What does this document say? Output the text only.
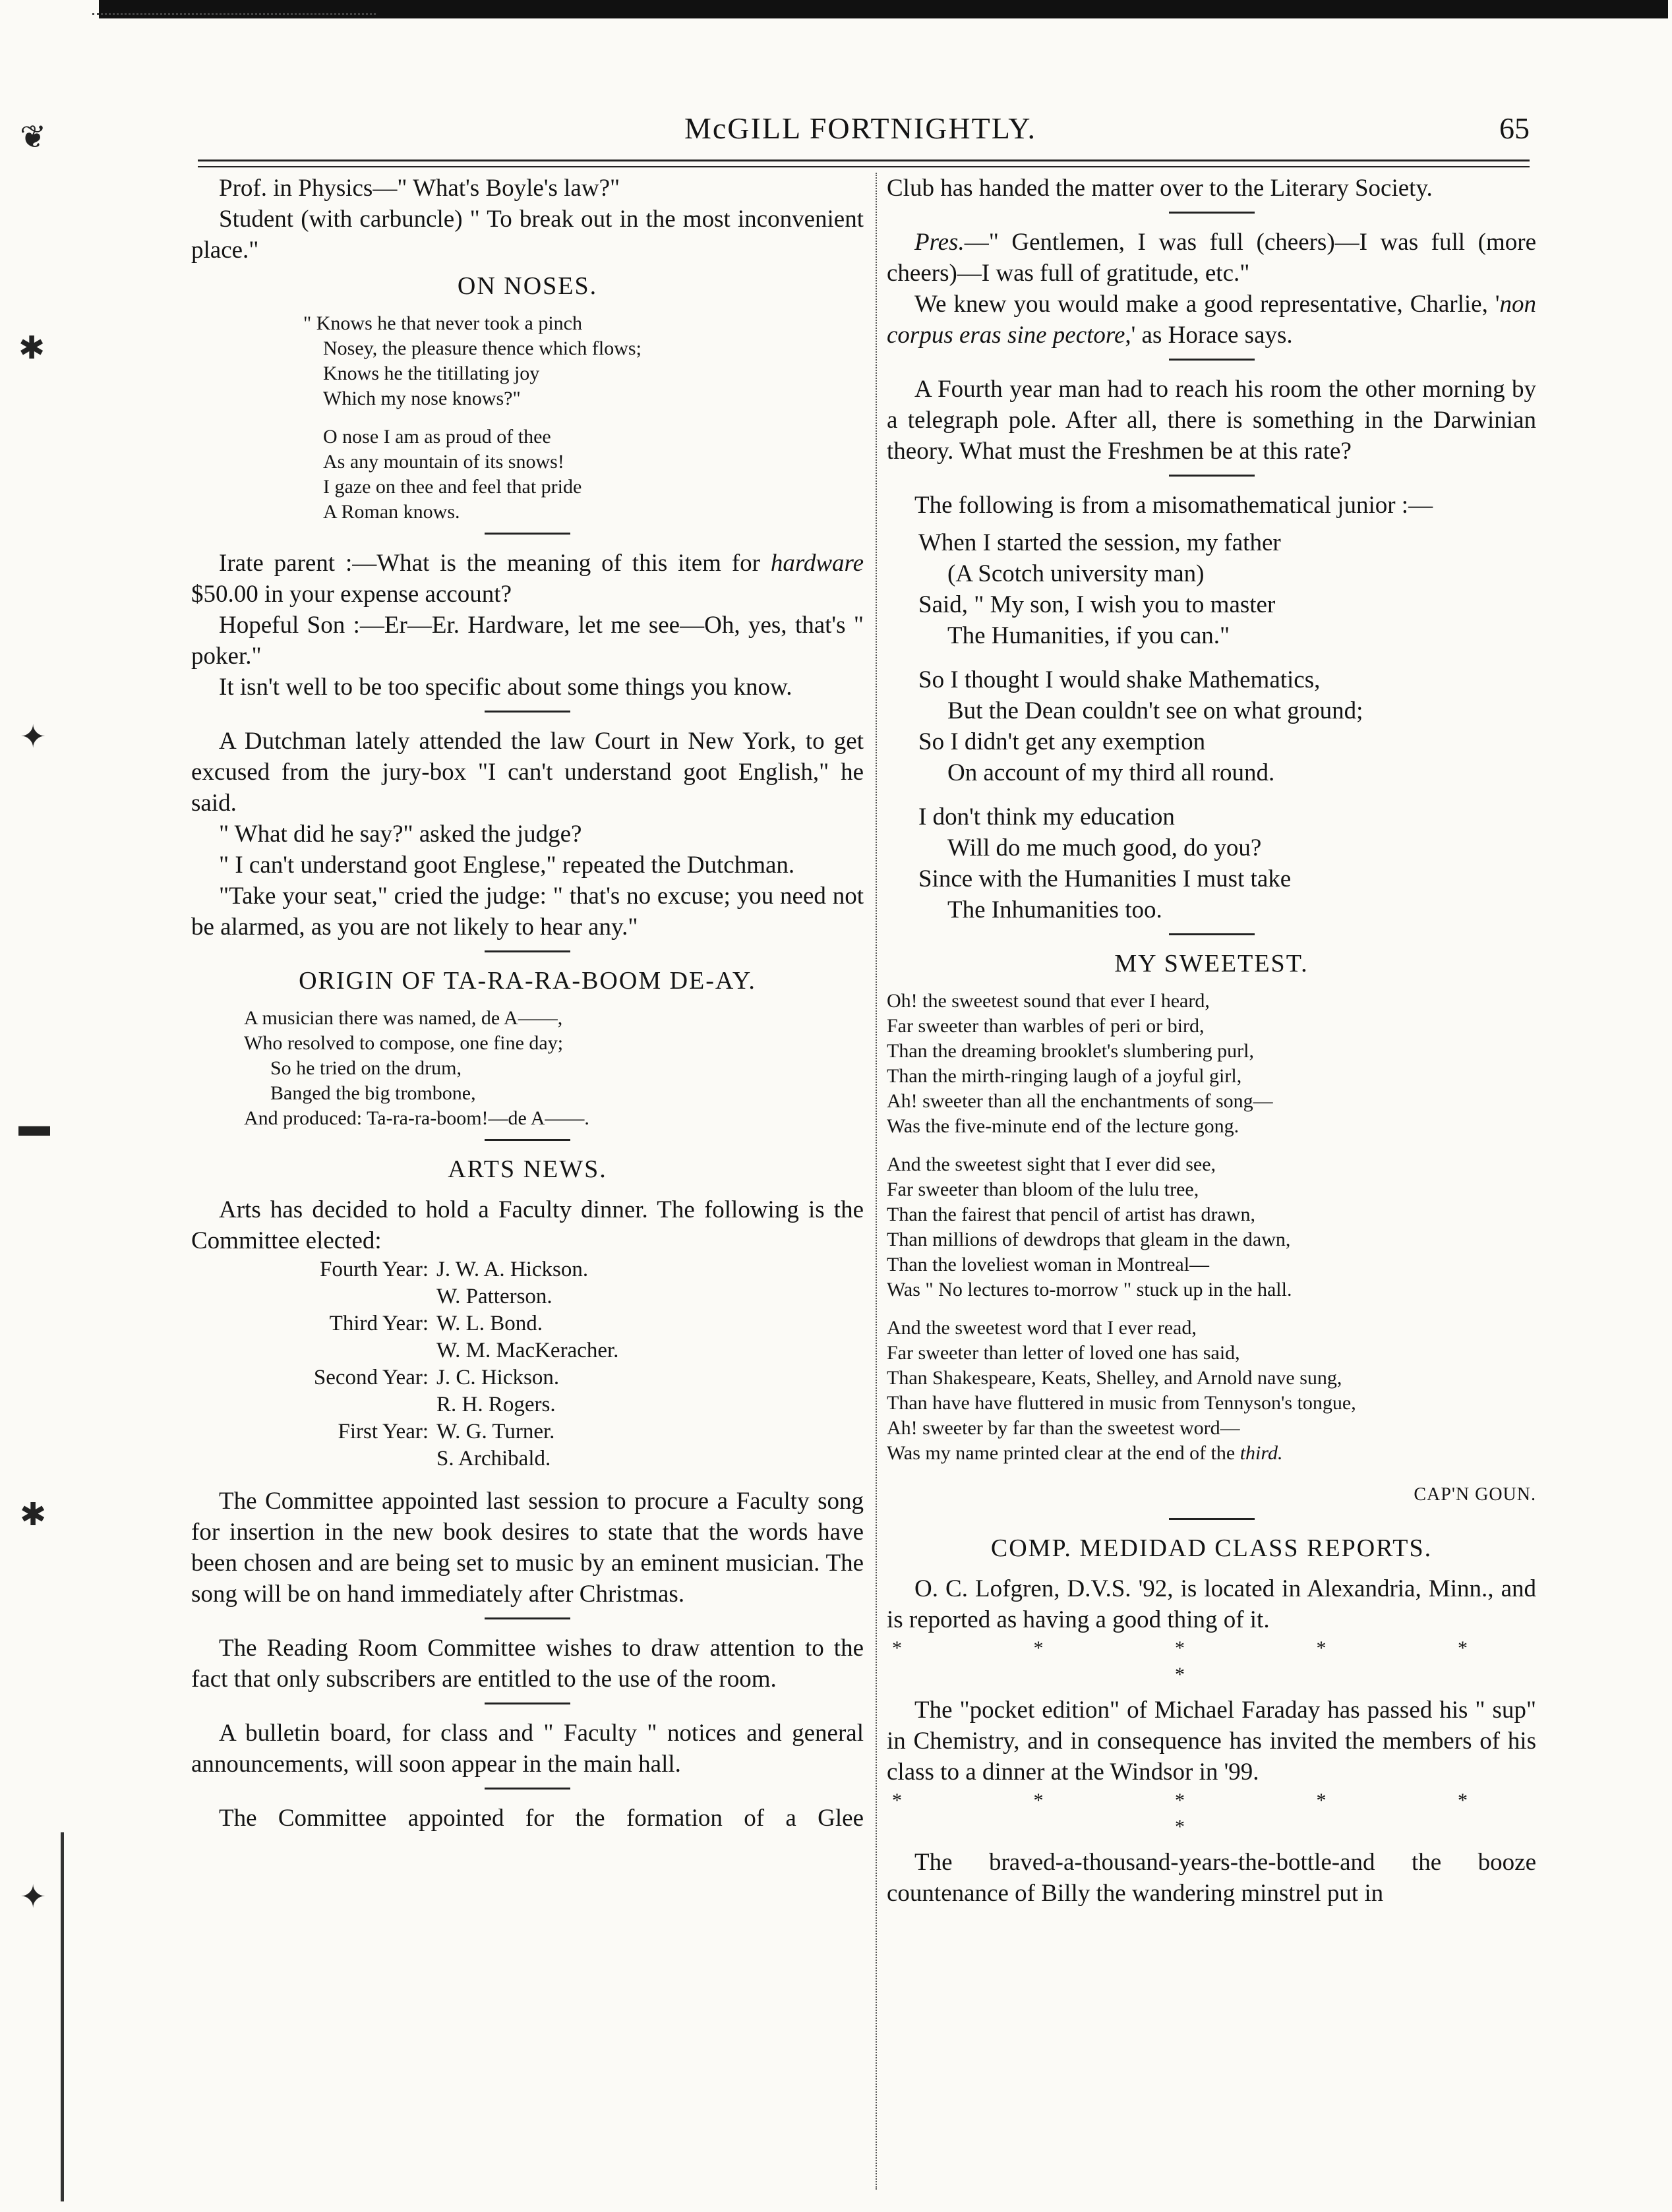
❦
✱
✦
▬
✱
✦
McGILL FORTNIGHTLY.	65

Prof. in Physics—" What's Boyle's law?"

Student (with carbuncle) " To break out in the most inconvenient place."

ON NOSES.
" Knows he that never took a pinch
Nosey, the pleasure thence which flows;
Knows he the titillating joy
Which my nose knows?"
O nose I am as proud of thee
As any mountain of its snows!
I gaze on thee and feel that pride
A Roman knows.

Irate parent :—What is the meaning of this item for hardware $50.00 in your expense account?

Hopeful Son :—Er—Er. Hardware, let me see—Oh, yes, that's " poker."

It isn't well to be too specific about some things you know.

A Dutchman lately attended the law Court in New York, to get excused from the jury-box "I can't understand goot English," he said.

" What did he say?" asked the judge?

" I can't understand goot Englese," repeated the Dutchman.

"Take your seat," cried the judge: " that's no excuse; you need not be alarmed, as you are not likely to hear any."

ORIGIN OF TA-RA-RA-BOOM DE-AY.
A musician there was named, de A——,
Who resolved to compose, one fine day;
So he tried on the drum,
Banged the big trombone,
And produced: Ta-ra-ra-boom!—de A——.
ARTS NEWS.

Arts has decided to hold a Faculty dinner. The following is the Committee elected:

Fourth Year: J. W. A. Hickson.
W. Patterson.
Third Year: W. L. Bond.
W. M. MacKeracher.
Second Year: J. C. Hickson.
R. H. Rogers.
First Year: W. G. Turner.
S. Archibald.

The Committee appointed last session to procure a Faculty song for insertion in the new book desires to state that the words have been chosen and are being set to music by an eminent musician. The song will be on hand immediately after Christmas.

The Reading Room Committee wishes to draw attention to the fact that only subscribers are entitled to the use of the room.

A bulletin board, for class and " Faculty " notices and general announcements, will soon appear in the main hall.

The Committee appointed for the formation of a Glee

Club has handed the matter over to the Literary Society.

Pres.—" Gentlemen, I was full (cheers)—I was full (more cheers)—I was full of gratitude, etc."

We knew you would make a good representative, Charlie, 'non corpus eras sine pectore,' as Horace says.

A Fourth year man had to reach his room the other morning by a telegraph pole. After all, there is something in the Darwinian theory. What must the Freshmen be at this rate?

The following is from a misomathematical junior :—

When I started the session, my father
(A Scotch university man)
Said, " My son, I wish you to master
The Humanities, if you can."
So I thought I would shake Mathematics,
But the Dean couldn't see on what ground;
So I didn't get any exemption
On account of my third all round.
I don't think my education
Will do me much good, do you?
Since with the Humanities I must take
The Inhumanities too.
MY SWEETEST.
Oh! the sweetest sound that ever I heard,
Far sweeter than warbles of peri or bird,
Than the dreaming brooklet's slumbering purl,
Than the mirth-ringing laugh of a joyful girl,
Ah! sweeter than all the enchantments of song—
Was the five-minute end of the lecture gong.
And the sweetest sight that I ever did see,
Far sweeter than bloom of the lulu tree,
Than the fairest that pencil of artist has drawn,
Than millions of dewdrops that gleam in the dawn,
Than the loveliest woman in Montreal—
Was " No lectures to-morrow " stuck up in the hall.
And the sweetest word that I ever read,
Far sweeter than letter of loved one has said,
Than Shakespeare, Keats, Shelley, and Arnold nave sung,
Than have have fluttered in music from Tennyson's tongue,
Ah! sweeter by far than the sweetest word—
Was my name printed clear at the end of the third.
CAP'N GOUN.
COMP. MEDIDAD CLASS REPORTS.

O. C. Lofgren, D.V.S. '92, is located in Alexandria, Minn., and is reported as having a good thing of it.

* * * * * *

The "pocket edition" of Michael Faraday has passed his " sup" in Chemistry, and in consequence has invited the members of his class to a dinner at the Windsor in '99.

* * * * * *

The braved-a-thousand-years-the-bottle-and the booze countenance of Billy the wandering minstrel put in
